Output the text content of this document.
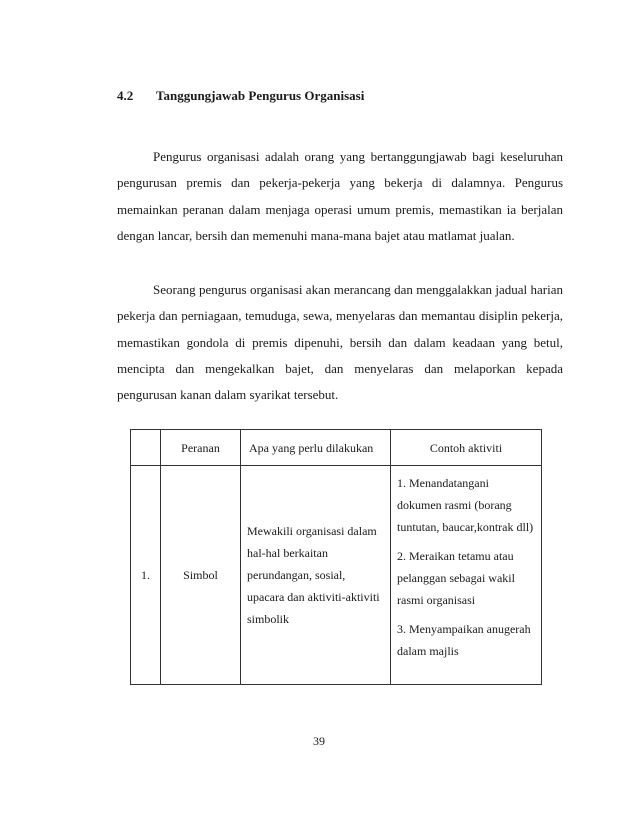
4.2 Tanggungjawab Pengurus Organisasi

Pengurus organisasi adalah orang yang bertanggungjawab bagi keseluruhan pengurusan premis dan pekerja-pekerja yang bekerja di dalamnya. Pengurus memainkan peranan dalam menjaga operasi umum premis, memastikan ia berjalan dengan lancar, bersih dan memenuhi mana-mana bajet atau matlamat jualan.

Seorang pengurus organisasi akan merancang dan menggalakkan jadual harian pekerja dan perniagaan, temuduga, sewa, menyelaras dan memantau disiplin pekerja, memastikan gondola di premis dipenuhi, bersih dan dalam keadaan yang betul, mencipta dan mengekalkan bajet, dan menyelaras dan melaporkan kepada pengurusan kanan dalam syarikat tersebut.

	Peranan	Apa yang perlu dilakukan	Contoh aktiviti
1.	Simbol	Mewakili organisasi dalam hal-hal berkaitan perundangan, sosial, upacara dan aktiviti-aktiviti simbolik	1. Menandatangani dokumen rasmi (borang tuntutan, baucar,kontrak dll)
2. Meraikan tetamu atau pelanggan sebagai wakil rasmi organisasi
3. Menyampaikan anugerah dalam majlis
39
